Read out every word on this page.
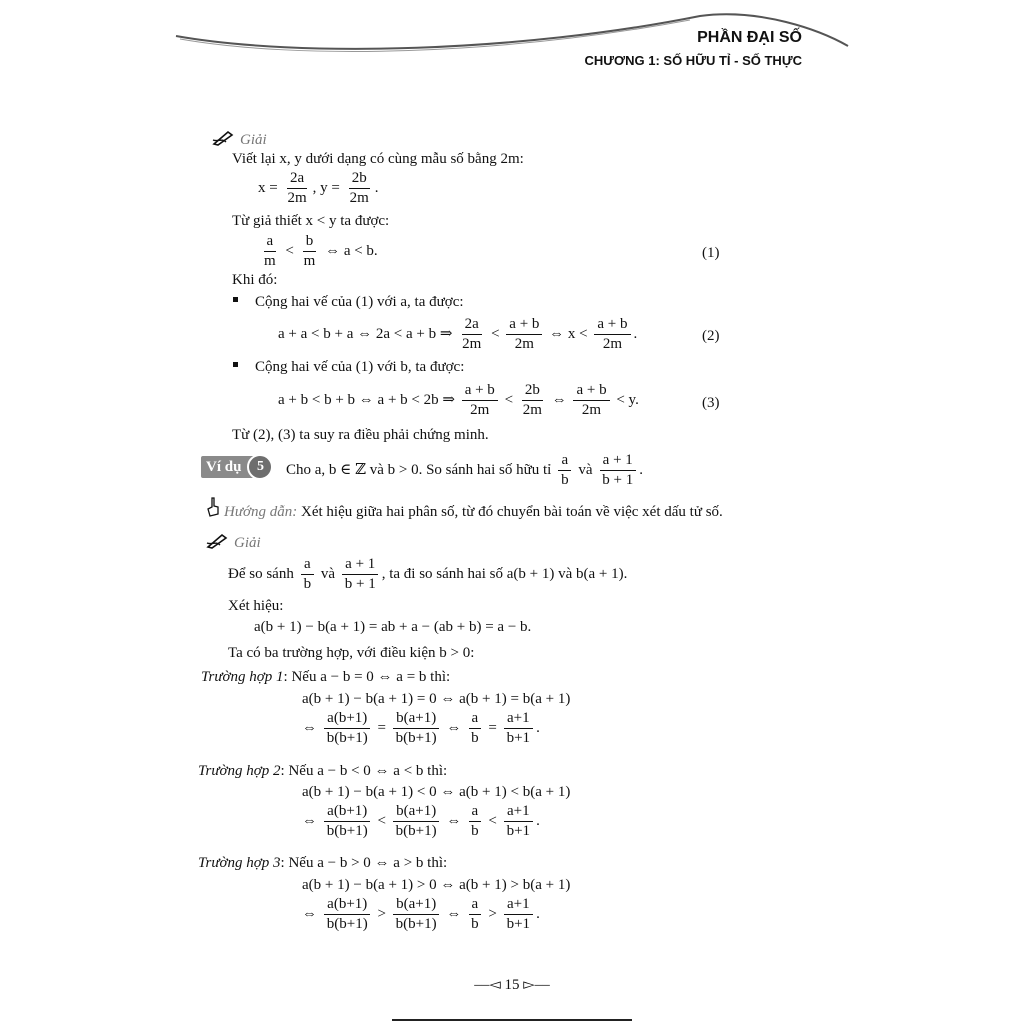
PHẦN ĐẠI SỐ
CHƯƠNG 1: SỐ HỮU TỈ - SỐ THỰC
Giải
Viết lại x, y dưới dạng có cùng mẫu số bằng 2m:
$x = \frac{2a}{2m}$ , $y = \frac{2b}{2m}$ .
Từ giả thiết x < y ta được:
$\frac{a}{m} < \frac{b}{m}$ ⇔ a < b.	(1)
Khi đó:
Cộng hai vế của (1) với a, ta được:
a + a < b + a ⇔ 2a < a + b ⇒ $\frac{2a}{2m} < \frac{a + b}{2m}$ ⇔ $x < \frac{a + b}{2m}$ .	(2)
Cộng hai vế của (1) với b, ta được:
a + b < b + b ⇔ a + b < 2b ⇒ $\frac{a + b}{2m} < \frac{2b}{2m}$ ⇔ $\frac{a + b}{2m} < y$.	(3)
Từ (2), (3) ta suy ra điều phải chứng minh.
Ví dụ	5	Cho a, b ∈ ℤ và b > 0. So sánh hai số hữu tỉ $\frac{a}{b}$ và $\frac{a + 1}{b + 1}$ .
Hướng dẫn: Xét hiệu giữa hai phân số, từ đó chuyển bài toán về việc xét dấu tử số.
Giải
Để so sánh $\frac{a}{b}$ và $\frac{a + 1}{b + 1}$ , ta đi so sánh hai số a(b + 1) và b(a + 1).
Xét hiệu:
a(b + 1) − b(a + 1) = ab + a − (ab + b) = a − b.
Ta có ba trường hợp, với điều kiện b > 0:
Trường hợp 1: Nếu a − b = 0 ⇔ a = b thì:
a(b + 1) − b(a + 1) = 0 ⇔ a(b + 1) = b(a + 1)
⇔ $\frac{a(b+1)}{b(b+1)} = \frac{b(a+1)}{b(b+1)}$ ⇔ $\frac{a}{b} = \frac{a+1}{b+1}$ .
Trường hợp 2: Nếu a − b < 0 ⇔ a < b thì:
a(b + 1) − b(a + 1) < 0 ⇔ a(b + 1) < b(a + 1)
⇔ $\frac{a(b+1)}{b(b+1)} < \frac{b(a+1)}{b(b+1)}$ ⇔ $\frac{a}{b} < \frac{a+1}{b+1}$ .
Trường hợp 3: Nếu a − b > 0 ⇔ a > b thì:
a(b + 1) − b(a + 1) > 0 ⇔ a(b + 1) > b(a + 1)
⇔ $\frac{a(b+1)}{b(b+1)} > \frac{b(a+1)}{b(b+1)}$ ⇔ $\frac{a}{b} > \frac{a+1}{b+1}$ .
––◅ 15 ▻––
